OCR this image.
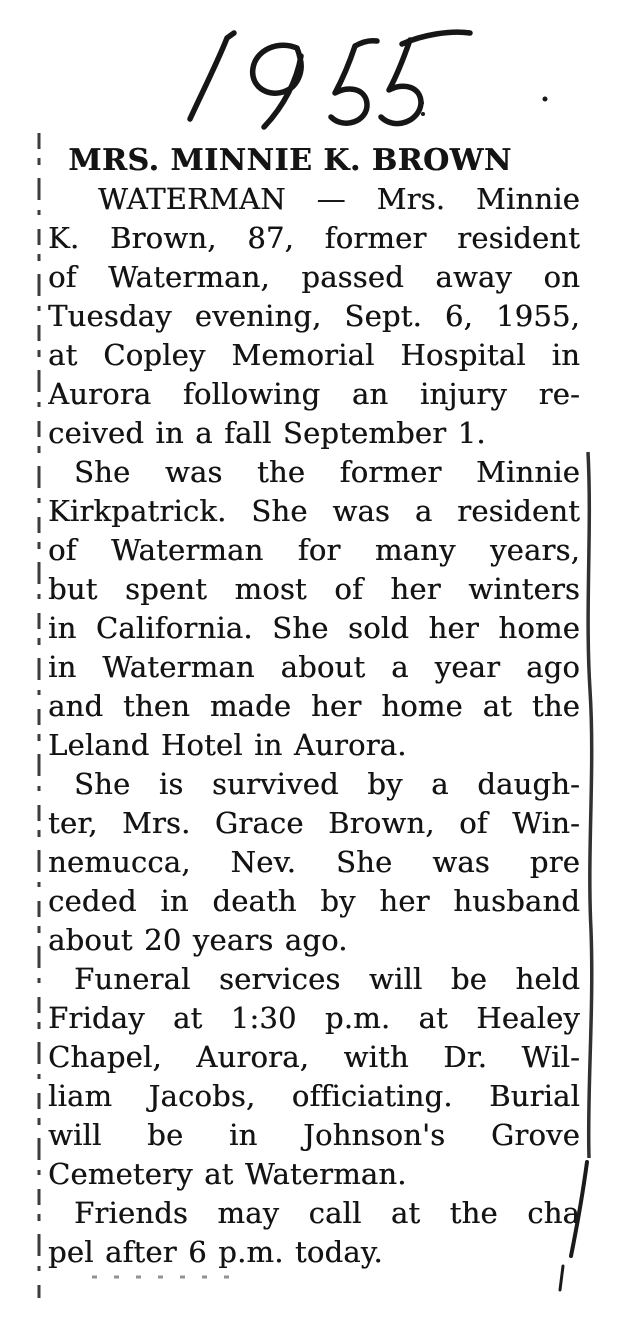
MRS. MINNIE K. BROWN
WATERMAN — Mrs. Minnie
K. Brown, 87, former resident
of Waterman, passed away on
Tuesday evening, Sept. 6, 1955,
at Copley Memorial Hospital in
Aurora following an injury re-
ceived in a fall September 1.
She was the former Minnie
Kirkpatrick. She was a resident
of Waterman for many years,
but spent most of her winters
in California. She sold her home
in Waterman about a year ago
and then made her home at the
Leland Hotel in Aurora.
She is survived by a daugh-
ter, Mrs. Grace Brown, of Win-
nemucca, Nev. She was pre
ceded in death by her husband
about 20 years ago.
Funeral services will be held
Friday at 1:30 p.m. at Healey
Chapel, Aurora, with Dr. Wil-
liam Jacobs, officiating. Burial
will be in Johnson's Grove
Cemetery at Waterman.
Friends may call at the cha
pel after 6 p.m. today.
